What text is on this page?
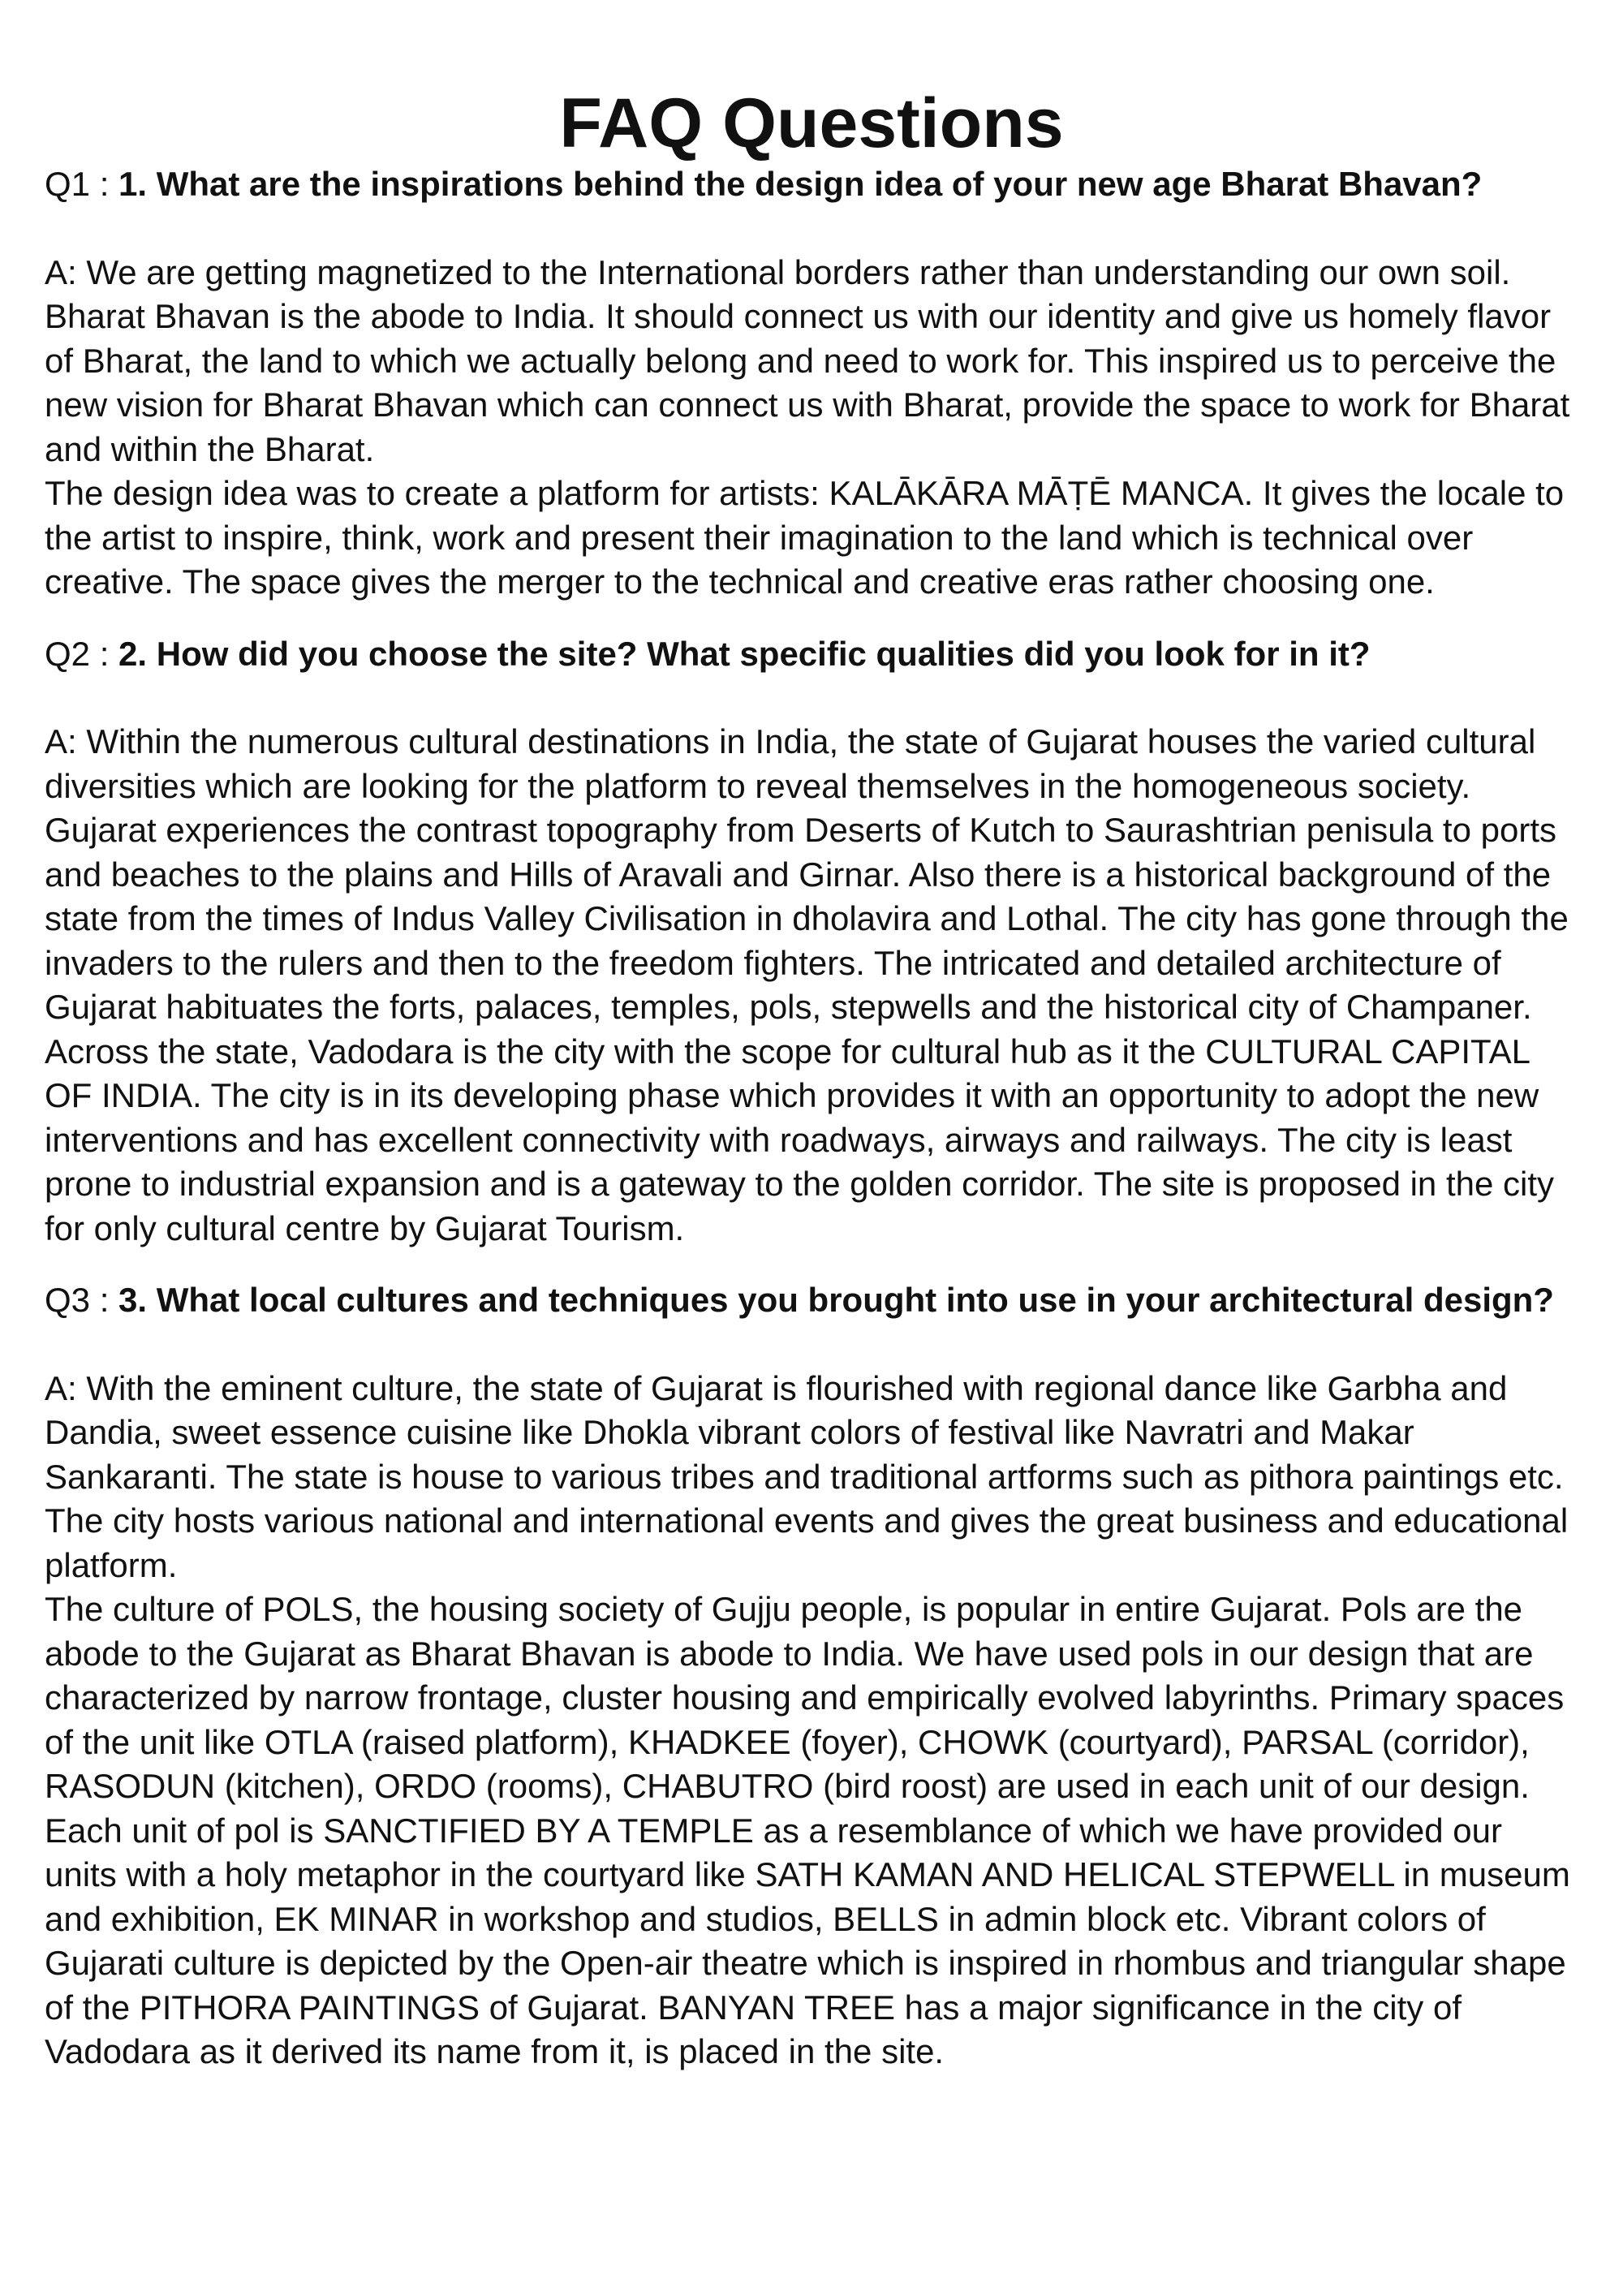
FAQ Questions

Q1 : 1. What are the inspirations behind the design idea of your new age Bharat Bhavan?

A: We are getting magnetized to the International borders rather than understanding our own soil. Bharat Bhavan is the abode to India. It should connect us with our identity and give us homely flavor of Bharat, the land to which we actually belong and need to work for. This inspired us to perceive the new vision for Bharat Bhavan which can connect us with Bharat, provide the space to work for Bharat and within the Bharat.

The design idea was to create a platform for artists: KALĀKĀRA MĀṬĒ MANCA. It gives the locale to the artist to inspire, think, work and present their imagination to the land which is technical over creative. The space gives the merger to the technical and creative eras rather choosing one.

Q2 : 2. How did you choose the site? What specific qualities did you look for in it?

A: Within the numerous cultural destinations in India, the state of Gujarat houses the varied cultural diversities which are looking for the platform to reveal themselves in the homogeneous society. Gujarat experiences the contrast topography from Deserts of Kutch to Saurashtrian penisula to ports and beaches to the plains and Hills of Aravali and Girnar. Also there is a historical background of the state from the times of Indus Valley Civilisation in dholavira and Lothal. The city has gone through the invaders to the rulers and then to the freedom fighters. The intricated and detailed architecture of Gujarat habituates the forts, palaces, temples, pols, stepwells and the historical city of Champaner.

Across the state, Vadodara is the city with the scope for cultural hub as it the CULTURAL CAPITAL OF INDIA. The city is in its developing phase which provides it with an opportunity to adopt the new interventions and has excellent connectivity with roadways, airways and railways. The city is least prone to industrial expansion and is a gateway to the golden corridor. The site is proposed in the city for only cultural centre by Gujarat Tourism.

Q3 : 3. What local cultures and techniques you brought into use in your architectural design?

A: With the eminent culture, the state of Gujarat is flourished with regional dance like Garbha and Dandia, sweet essence cuisine like Dhokla vibrant colors of festival like Navratri and Makar Sankaranti. The state is house to various tribes and traditional artforms such as pithora paintings etc. The city hosts various national and international events and gives the great business and educational platform.

The culture of POLS, the housing society of Gujju people, is popular in entire Gujarat. Pols are the abode to the Gujarat as Bharat Bhavan is abode to India. We have used pols in our design that are characterized by narrow frontage, cluster housing and empirically evolved labyrinths. Primary spaces of the unit like OTLA (raised platform), KHADKEE (foyer), CHOWK (courtyard), PARSAL (corridor), RASODUN (kitchen), ORDO (rooms), CHABUTRO (bird roost) are used in each unit of our design. Each unit of pol is SANCTIFIED BY A TEMPLE as a resemblance of which we have provided our units with a holy metaphor in the courtyard like SATH KAMAN AND HELICAL STEPWELL in museum and exhibition, EK MINAR in workshop and studios, BELLS in admin block etc. Vibrant colors of Gujarati culture is depicted by the Open-air theatre which is inspired in rhombus and triangular shape of the PITHORA PAINTINGS of Gujarat. BANYAN TREE has a major significance in the city of Vadodara as it derived its name from it, is placed in the site.
